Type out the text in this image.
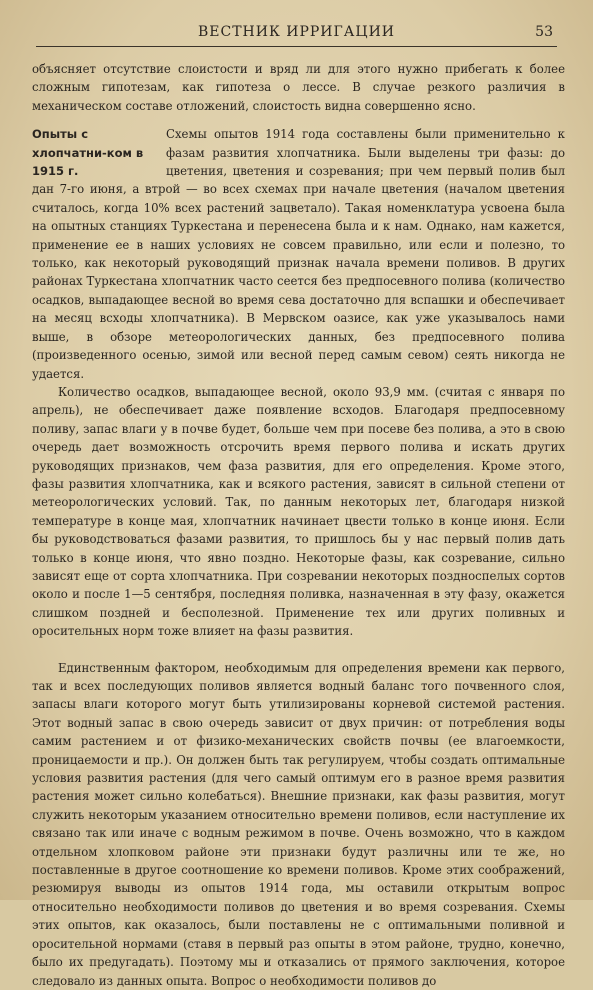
ВЕСТНИК ИРРИГАЦИИ	53

объясняет отсутствие слоистости и вряд ли для этого нужно прибегать к более сложным гипотезам, как гипотеза о лессе. В случае резкого различия в механическом составе отложений, слоистость видна совершенно ясно.

Опыты с хлопчатни-ком в 1915 г.

Схемы опытов 1914 года составлены были применительно к фазам развития хлопчатника. Были выделены три фазы: до цветения, цветения и созревания; при чем первый полив был дан 7-го июня, а втрой — во всех схемах при начале цветения (началом цветения считалось, когда 10% всех растений зацветало). Такая номенклатура усвоена была на опытных станциях Туркестана и перенесена была и к нам. Однако, нам кажется, применение ее в наших условиях не совсем правильно, или если и полезно, то только, как некоторый руководящий признак начала времени поливов. В других районах Туркестана хлопчатник часто сеется без предпосевного полива (количество осадков, выпадающее весной во время сева достаточно для вспашки и обеспечивает на месяц всходы хлопчатника). В Мервском оазисе, как уже указывалось нами выше, в обзоре метеорологических данных, без предпосевного полива (произведенного осенью, зимой или весной перед самым севом) сеять никогда не удается.

Количество осадков, выпадающее весной, около 93,9 мм. (считая с января по апрель), не обеспечивает даже появление всходов. Благодаря предпосевному поливу, запас влаги у в почве будет, больше чем при посеве без полива, а это в свою очередь дает возможность отсрочить время первого полива и искать других руководящих признаков, чем фаза развития, для его определения. Кроме этого, фазы развития хлопчатника, как и всякого растения, зависят в сильной степени от метеорологических условий. Так, по данным некоторых лет, благодаря низкой температуре в конце мая, хлопчатник начинает цвести только в конце июня. Если бы руководствоваться фазами развития, то пришлось бы у нас первый полив дать только в конце июня, что явно поздно. Некоторые фазы, как созревание, сильно зависят еще от сорта хлопчатника. При созревании некоторых поздноспелых сортов около и после 1—5 сентября, последняя поливка, назначенная в эту фазу, окажется слишком поздней и бесполезной. Применение тех или других поливных и оросительных норм тоже влияет на фазы развития.

Единственным фактором, необходимым для определения времени как первого, так и всех последующих поливов является водный баланс того почвенного слоя, запасы влаги которого могут быть утилизированы корневой системой растения. Этот водный запас в свою очередь зависит от двух причин: от потребления воды самим растением и от физико-механических свойств почвы (ее влагоемкости, проницаемости и пр.). Он должен быть так регулируем, чтобы создать оптимальные условия развития растения (для чего самый оптимум его в разное время развития растения может сильно колебаться). Внешние признаки, как фазы развития, могут служить некоторым указанием относительно времени поливов, если наступление их связано так или иначе с водным режимом в почве. Очень возможно, что в каждом отдельном хлопковом районе эти признаки будут различны или те же, но поставленные в другое соотношение ко времени поливов. Кроме этих соображений, резюмируя выводы из опытов 1914 года, мы оставили открытым вопрос относительно необходимости поливов до цветения и во время созревания. Схемы этих опытов, как оказалось, были поставлены не с оптимальными поливной и оросительной нормами (ставя в первый раз опыты в этом районе, трудно, конечно, было их предугадать). Поэтому мы и отказались от прямого заключения, которое следовало из данных опыта. Вопрос о необходимости поливов до
